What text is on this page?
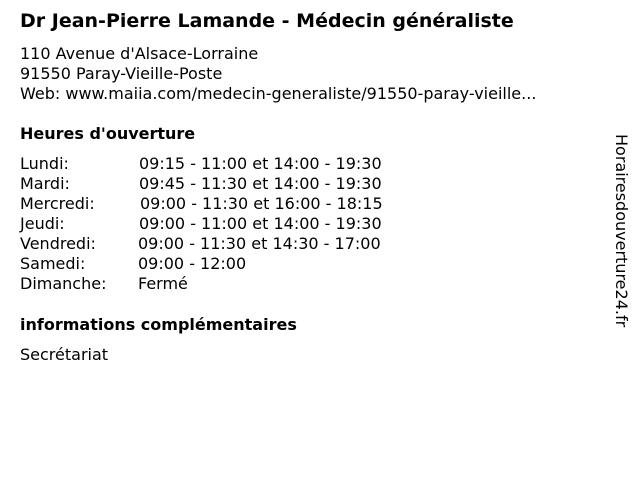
Dr Jean-Pierre Lamande - Médecin généraliste
110 Avenue d'Alsace-Lorraine
91550 Paray-Vieille-Poste
Web: www.maiia.com/medecin-generaliste/91550-paray-vieille...
Heures d'ouverture
Lundi:	09:15 - 11:00 et 14:00 - 19:30
Mardi:	09:45 - 11:30 et 14:00 - 19:30
Mercredi:	09:00 - 11:30 et 16:00 - 18:15
Jeudi:	09:00 - 11:00 et 14:00 - 19:30
Vendredi:	09:00 - 11:30 et 14:30 - 17:00
Samedi:	09:00 - 12:00
Dimanche: Fermé
informations complémentaires
Secrétariat
Horairesdouverture24.fr
